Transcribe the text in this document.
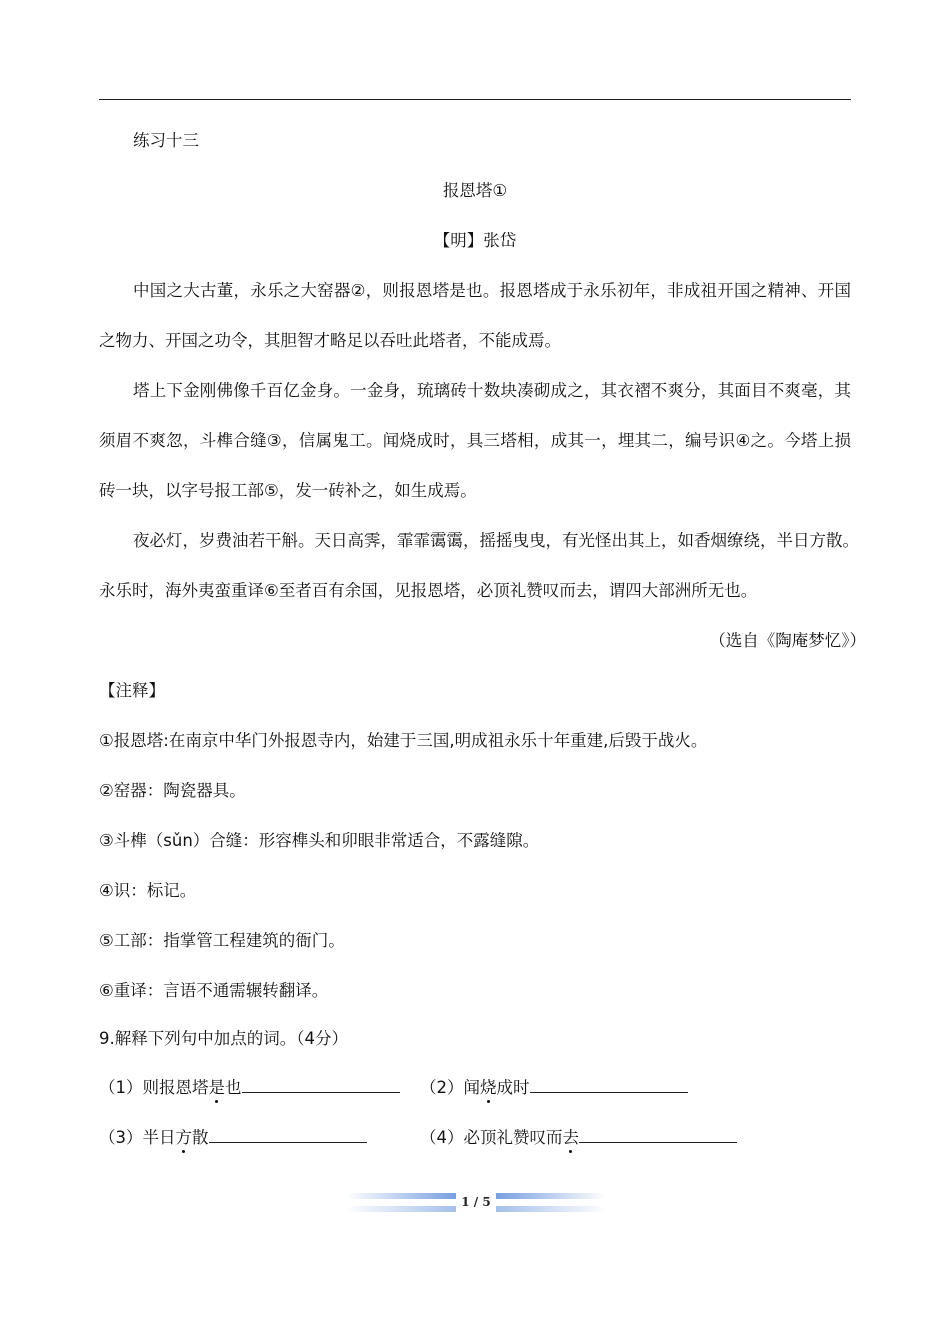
练习十三
报恩塔①
【明】张岱
中国之大古董，永乐之大窑器②，则报恩塔是也。报恩塔成于永乐初年，非成祖开国之精神、开国
之物力、开国之功令，其胆智才略足以吞吐此塔者，不能成焉。
塔上下金刚佛像千百亿金身。一金身，琉璃砖十数块凑砌成之，其衣褶不爽分，其面目不爽毫，其
须眉不爽忽，斗榫合缝③，信属鬼工。闻烧成时，具三塔相，成其一，埋其二，编号识④之。今塔上损
砖一块，以字号报工部⑤，发一砖补之，如生成焉。
夜必灯，岁费油若干斛。天日高霁，霏霏霭霭，摇摇曳曳，有光怪出其上，如香烟缭绕，半日方散。
永乐时，海外夷蛮重译⑥至者百有余国，见报恩塔，必顶礼赞叹而去，谓四大部洲所无也。
（选自《陶庵梦忆》）
【注释】
①报恩塔:在南京中华门外报恩寺内，始建于三国,明成祖永乐十年重建,后毁于战火。
②窑器：陶瓷器具。
③斗榫（sǔn）合缝：形容榫头和卯眼非常适合，不露缝隙。
④识：标记。
⑤工部：指掌管工程建筑的衙门。
⑥重译：言语不通需辗转翻译。
9.解释下列句中加点的词。（4分）
（1）则报恩塔是也	（2）闻烧成时
（3）半日方散	（4）必顶礼赞叹而去
1 / 5
